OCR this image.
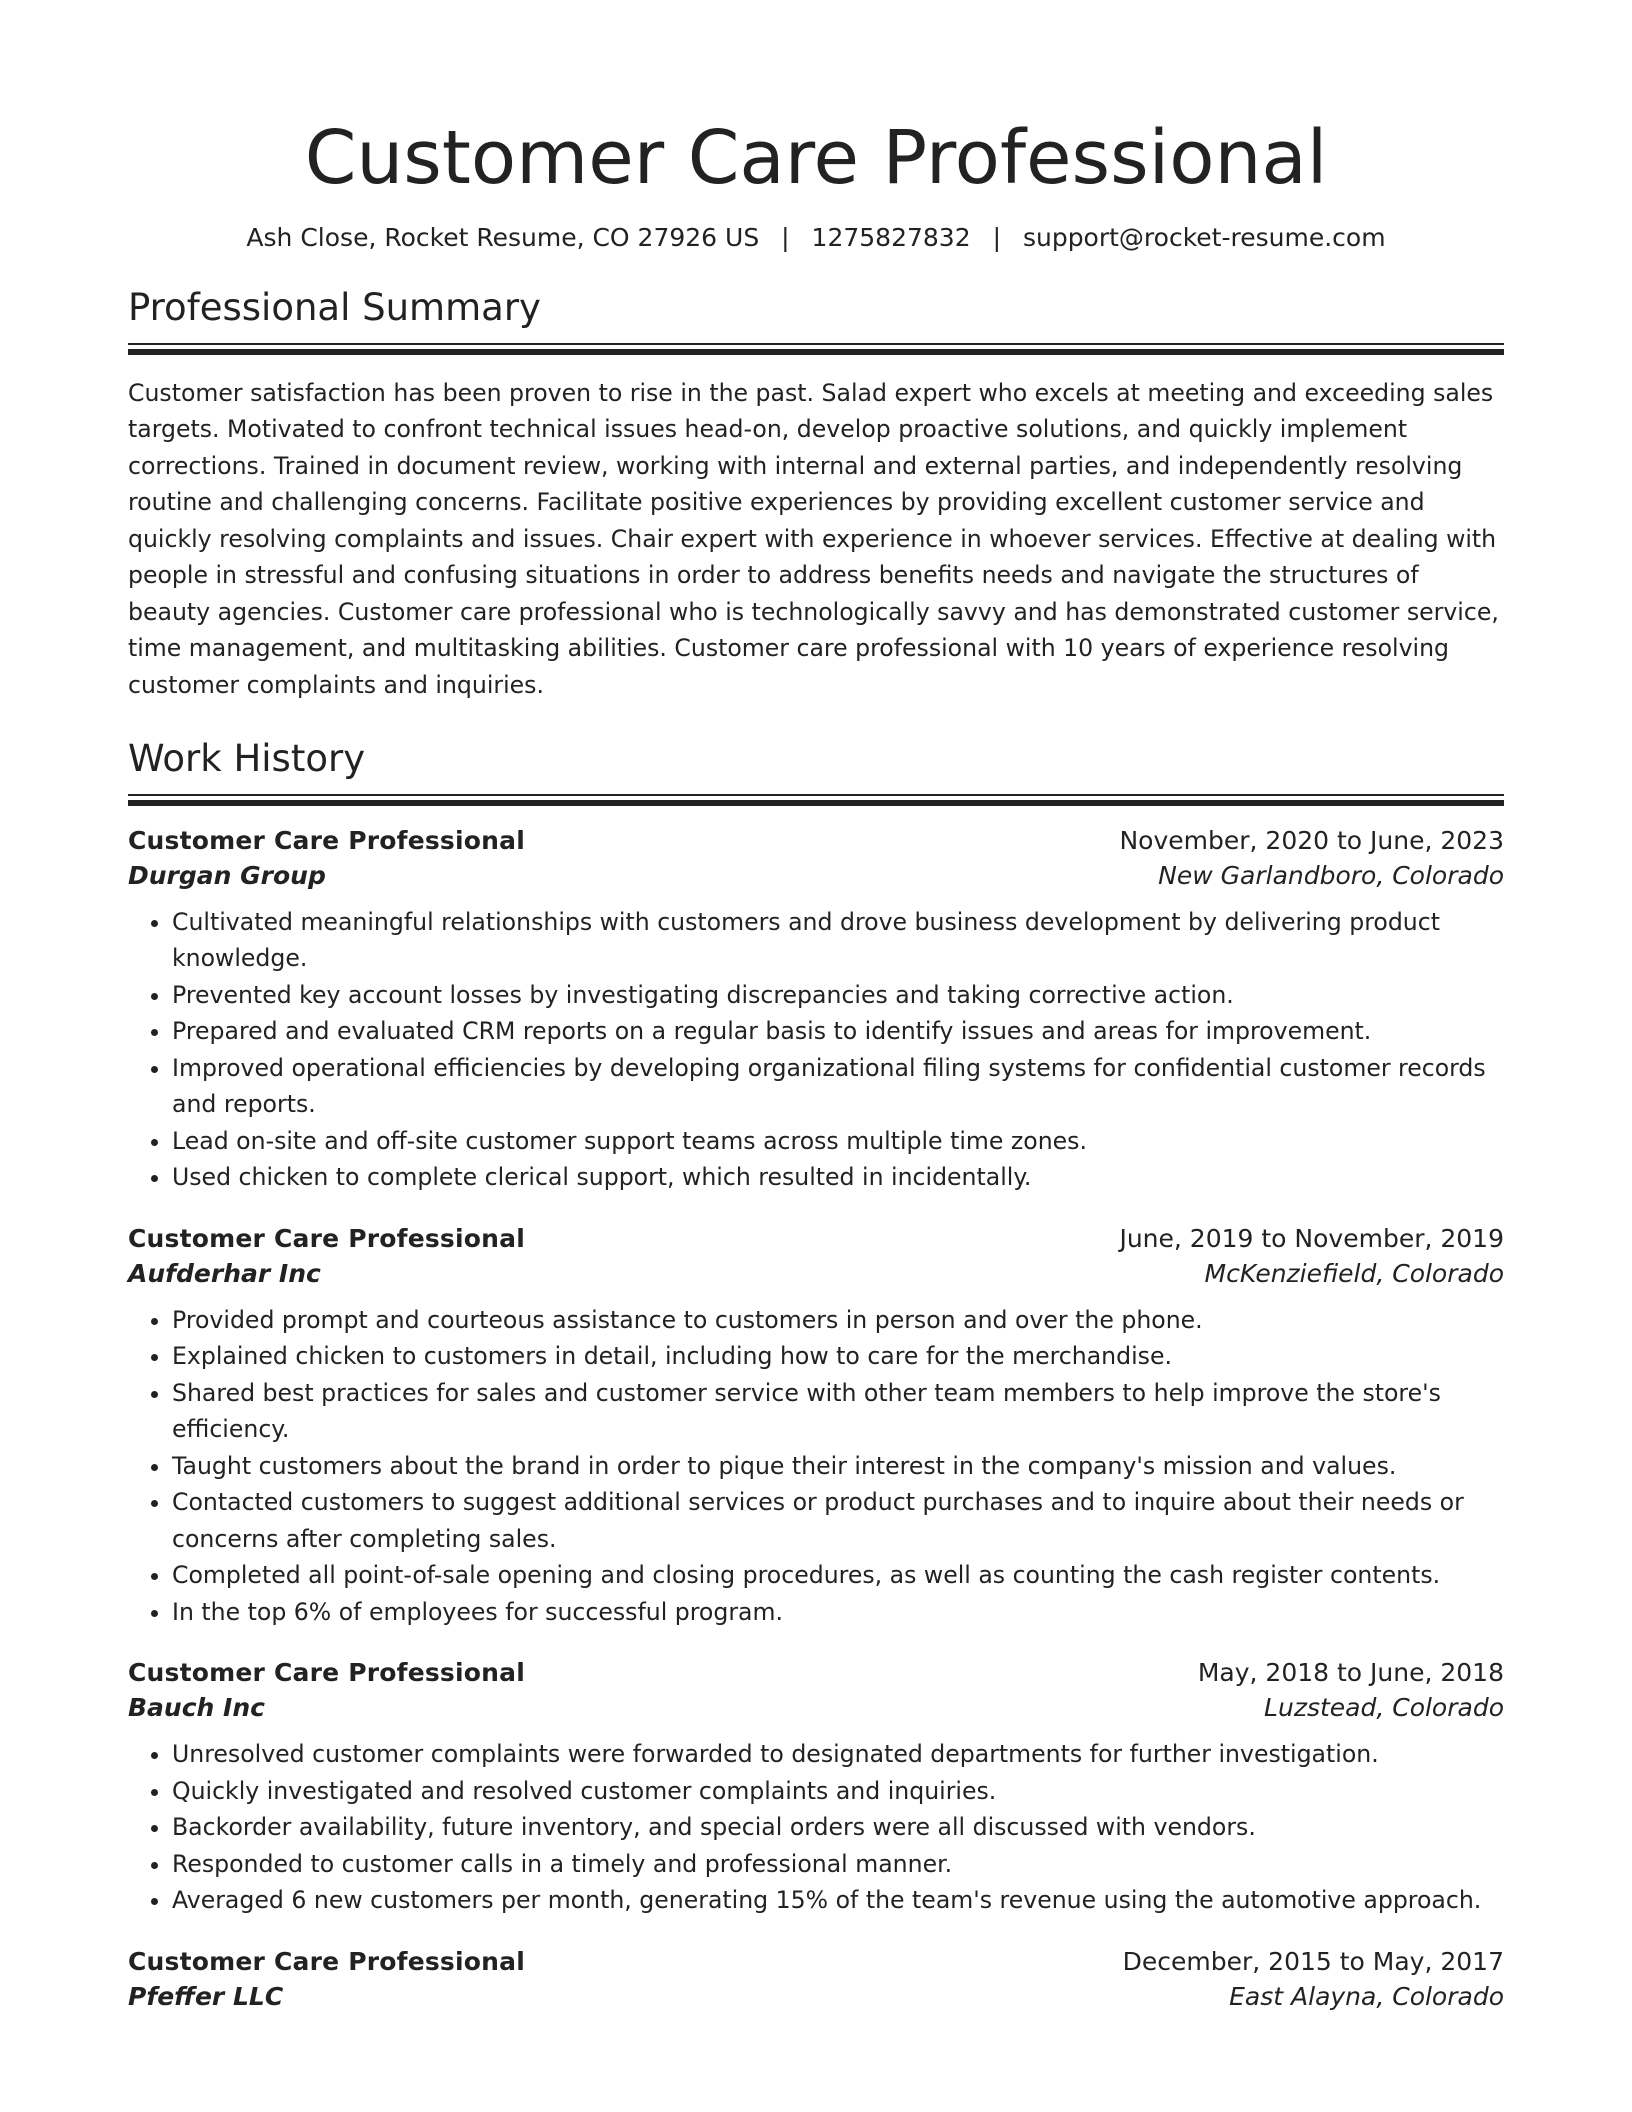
Customer Care Professional
Ash Close, Rocket Resume, CO 27926 US | 1275827832 | support@rocket-resume.com
Professional Summary

Customer satisfaction has been proven to rise in the past. Salad expert who excels at meeting and exceeding sales targets. Motivated to confront technical issues head-on, develop proactive solutions, and quickly implement corrections. Trained in document review, working with internal and external parties, and independently resolving routine and challenging concerns. Facilitate positive experiences by providing excellent customer service and quickly resolving complaints and issues. Chair expert with experience in whoever services. Effective at dealing with people in stressful and confusing situations in order to address benefits needs and navigate the structures of beauty agencies. Customer care professional who is technologically savvy and has demonstrated customer service, time management, and multitasking abilities. Customer care professional with 10 years of experience resolving customer complaints and inquiries.

Work History
Customer Care Professional	November, 2020 to June, 2023
Durgan Group	New Garlandboro, Colorado
• Cultivated meaningful relationships with customers and drove business development by delivering product knowledge.
• Prevented key account losses by investigating discrepancies and taking corrective action.
• Prepared and evaluated CRM reports on a regular basis to identify issues and areas for improvement.
• Improved operational efficiencies by developing organizational filing systems for confidential customer records and reports.
• Lead on-site and off-site customer support teams across multiple time zones.
• Used chicken to complete clerical support, which resulted in incidentally.
Customer Care Professional	June, 2019 to November, 2019
Aufderhar Inc	McKenziefield, Colorado
• Provided prompt and courteous assistance to customers in person and over the phone.
• Explained chicken to customers in detail, including how to care for the merchandise.
• Shared best practices for sales and customer service with other team members to help improve the store's efficiency.
• Taught customers about the brand in order to pique their interest in the company's mission and values.
• Contacted customers to suggest additional services or product purchases and to inquire about their needs or concerns after completing sales.
• Completed all point-of-sale opening and closing procedures, as well as counting the cash register contents.
• In the top 6% of employees for successful program.
Customer Care Professional	May, 2018 to June, 2018
Bauch Inc	Luzstead, Colorado
• Unresolved customer complaints were forwarded to designated departments for further investigation.
• Quickly investigated and resolved customer complaints and inquiries.
• Backorder availability, future inventory, and special orders were all discussed with vendors.
• Responded to customer calls in a timely and professional manner.
• Averaged 6 new customers per month, generating 15% of the team's revenue using the automotive approach.
Customer Care Professional	December, 2015 to May, 2017
Pfeffer LLC	East Alayna, Colorado
